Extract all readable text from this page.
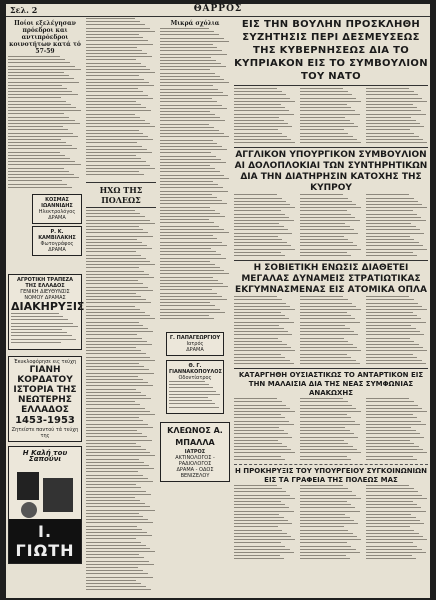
Σελ. 2	ΘΑΡΡΟΣ
Ποίοι εξελέγησαν πρόεδροι και αντιπρόεδροι κοινοτήτων κατά τό 57-59
ΚΟΣΜΑΣ ΙΩΑΝΝΙΔΗΣ
Ηλεκτρολόγος
ΔΡΑΜΑ
Ρ. Κ. ΚΑΜΒΙΛΑΚΗΣ
Φωτογράφος
ΔΡΑΜΑ
ΑΓΡΟΤΙΚΗ ΤΡΑΠΕΖΑ ΤΗΣ ΕΛΛΑΔΟΣ
ΓΕΝΙΚΗ ΔΙΕΥΘΥΝΣΙΣ ΝΟΜΟΥ ΔΡΑΜΑΣ
ΔΙΑΚΗΡΥΞΙΣ
Έκυκλοφόρησε εις τεύχη
ΓΙΑΝΗ ΚΟΡΔΑΤΟΥ ΙΣΤΟΡΙΑ ΤΗΣ ΝΕΩΤΕΡΗΣ ΕΛΛΑΔΟΣ
1453-1953
Ζητείστε παντού τά τεύχη της
Η Καλή του Σαπούνι
Ι. ΓΙΩΤΗ
ΗΧΩ ΤΗΣ ΠΟΛΕΩΣ
Μικρά σχόλια
Γ. ΠΑΠΑΓΕΩΡΓΙΟΥ
Ιατρός
ΔΡΑΜΑ
Θ. Γ. ΓΙΑΝΝΑΚΟΠΟΥΛΟΣ
Οδοντίατρος
ΚΛΕΩΝΟΣ Α. ΜΠΑΛΛΑ
ΙΑΤΡΟΣ
ΑΚΤΙΝΟΛΟΓΟΣ - ΡΑΔΙΟΛΟΓΟΣ
ΔΡΑΜΑ - ΟΔΟΣ ΒΕΝΙΖΕΛΟΥ
ΕΙΣ ΤΗΝ ΒΟΥΛΗΝ ΠΡΟΣΚΛΗΘΗ ΣΥΖΗΤΗΣΙΣ ΠΕΡΙ ΔΕΣΜΕΥΣΕΩΣ ΤΗΣ ΚΥΒΕΡΝΗΣΕΩΣ ΔΙΑ ΤΟ ΚΥΠΡΙΑΚΟΝ ΕΙΣ ΤΟ ΣΥΜΒΟΥΛΙΟΝ ΤΟΥ ΝΑΤΟ
ΑΓΓΛΙΚΟΝ ΥΠΟΥΡΓΙΚΟΝ ΣΥΜΒΟΥΛΙΟΝ ΑΙ ΔΟΛΟΠΛΟΚΙΑΙ ΤΩΝ ΣΥΝΤΗΡΗΤΙΚΩΝ ΔΙΑ ΤΗΝ ΔΙΑΤΗΡΗΣΙΝ ΚΑΤΟΧΗΣ ΤΗΣ ΚΥΠΡΟΥ
Η ΣΟΒΙΕΤΙΚΗ ΕΝΩΣΙΣ ΔΙΑΘΕΤΕΙ ΜΕΓΑΛΑΣ ΔΥΝΑΜΕΙΣ ΣΤΡΑΤΙΩΤΙΚΑΣ ΕΚΓΥΜΝΑΣΜΕΝΑΣ ΕΙΣ ΑΤΟΜΙΚΑ ΟΠΛΑ
ΚΑΤΑΡΓΗΘΗ ΟΥΣΙΑΣΤΙΚΩΣ ΤΟ ΑΝΤΑΡΤΙΚΟΝ ΕΙΣ ΤΗΝ ΜΑΛΑΙΣΙΑ ΔΙΑ ΤΗΣ ΝΕΑΣ ΣΥΜΦΩΝΙΑΣ ΑΝΑΚΩΧΗΣ
Η ΠΡΟΚΗΡΥΞΙΣ ΤΟΥ ΥΠΟΥΡΓΕΙΟΥ ΣΥΓΚΟΙΝΩΝΙΩΝ ΕΙΣ ΤΑ ΓΡΑΦΕΙΑ ΤΗΣ ΠΟΛΕΩΣ ΜΑΣ
